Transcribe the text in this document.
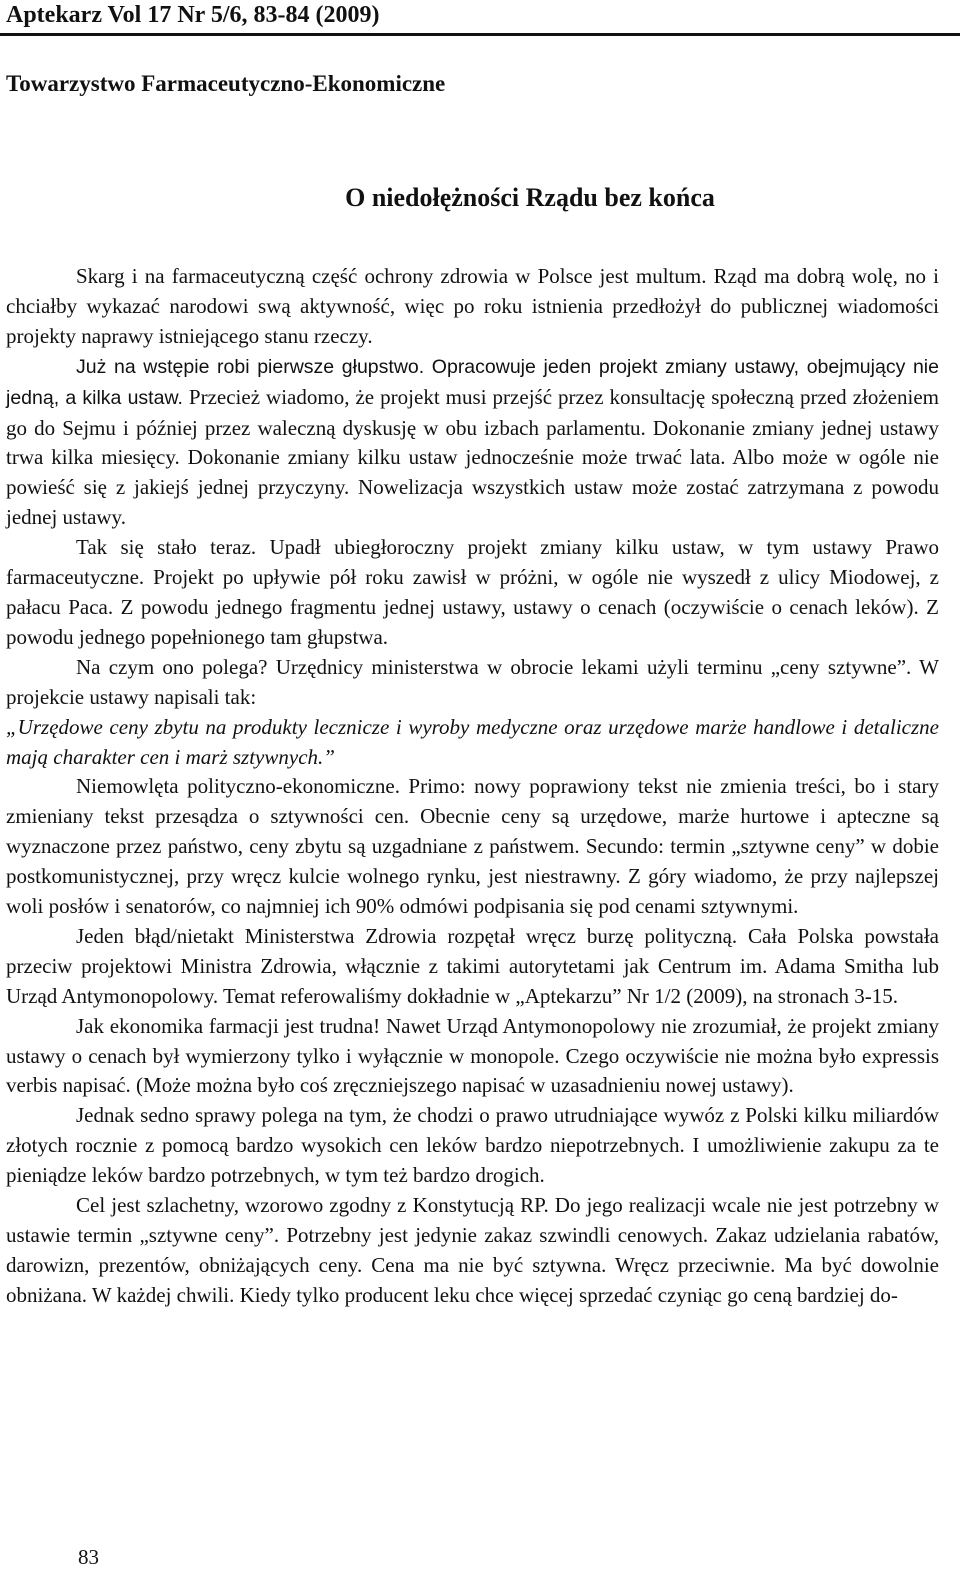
Aptekarz Vol 17 Nr 5/6, 83-84 (2009)
Towarzystwo Farmaceutyczno-Ekonomiczne
O niedołężności Rządu bez końca

Skarg i na farmaceutyczną część ochrony zdrowia w Polsce jest multum. Rząd ma dobrą wolę, no i chciałby wykazać narodowi swą aktywność, więc po roku istnienia przedłożył do publicznej wiadomości projekty naprawy istniejącego stanu rzeczy.

Już na wstępie robi pierwsze głupstwo. Opracowuje jeden projekt zmiany ustawy, obejmujący nie jedną, a kilka ustaw. Przecież wiadomo, że projekt musi przejść przez konsultację społeczną przed złożeniem go do Sejmu i później przez waleczną dyskusję w obu izbach parlamentu. Dokonanie zmiany jednej ustawy trwa kilka miesięcy. Dokonanie zmiany kilku ustaw jednocześnie może trwać lata. Albo może w ogóle nie powieść się z jakiejś jednej przyczyny. Nowelizacja wszystkich ustaw może zostać zatrzymana z powodu jednej ustawy.

Tak się stało teraz. Upadł ubiegłoroczny projekt zmiany kilku ustaw, w tym ustawy Prawo farmaceutyczne. Projekt po upływie pół roku zawisł w próżni, w ogóle nie wyszedł z ulicy Miodowej, z pałacu Paca. Z powodu jednego fragmentu jednej ustawy, ustawy o cenach (oczywiście o cenach leków). Z powodu jednego popełnionego tam głupstwa.

Na czym ono polega? Urzędnicy ministerstwa w obrocie lekami użyli terminu „ceny sztywne”. W projekcie ustawy napisali tak:

„Urzędowe ceny zbytu na produkty lecznicze i wyroby medyczne oraz urzędowe marże handlowe i detaliczne mają charakter cen i marż sztywnych.”

Niemowlęta polityczno-ekonomiczne. Primo: nowy poprawiony tekst nie zmienia treści, bo i stary zmieniany tekst przesądza o sztywności cen. Obecnie ceny są urzędowe, marże hurtowe i apteczne są wyznaczone przez państwo, ceny zbytu są uzgadniane z państwem. Secundo: termin „sztywne ceny” w dobie postkomunistycznej, przy wręcz kulcie wolnego rynku, jest niestrawny. Z góry wiadomo, że przy najlepszej woli posłów i senatorów, co najmniej ich 90% odmówi podpisania się pod cenami sztywnymi.

Jeden błąd/nietakt Ministerstwa Zdrowia rozpętał wręcz burzę polityczną. Cała Polska powstała przeciw projektowi Ministra Zdrowia, włącznie z takimi autorytetami jak Centrum im. Adama Smitha lub Urząd Antymonopolowy. Temat referowaliśmy dokładnie w „Aptekarzu” Nr 1/2 (2009), na stronach 3-15.

Jak ekonomika farmacji jest trudna! Nawet Urząd Antymonopolowy nie zrozumiał, że projekt zmiany ustawy o cenach był wymierzony tylko i wyłącznie w monopole. Czego oczywiście nie można było expressis verbis napisać. (Może można było coś zręczniejszego napisać w uzasadnieniu nowej ustawy).

Jednak sedno sprawy polega na tym, że chodzi o prawo utrudniające wywóz z Polski kilku miliardów złotych rocznie z pomocą bardzo wysokich cen leków bardzo niepotrzebnych. I umożliwienie zakupu za te pieniądze leków bardzo potrzebnych, w tym też bardzo drogich.

Cel jest szlachetny, wzorowo zgodny z Konstytucją RP. Do jego realizacji wcale nie jest potrzebny w ustawie termin „sztywne ceny”. Potrzebny jest jedynie zakaz szwindli cenowych. Zakaz udzielania rabatów, darowizn, prezentów, obniżających ceny. Cena ma nie być sztywna. Wręcz przeciwnie. Ma być dowolnie obniżana. W każdej chwili. Kiedy tylko producent leku chce więcej sprzedać czyniąc go ceną bardziej do-

83
